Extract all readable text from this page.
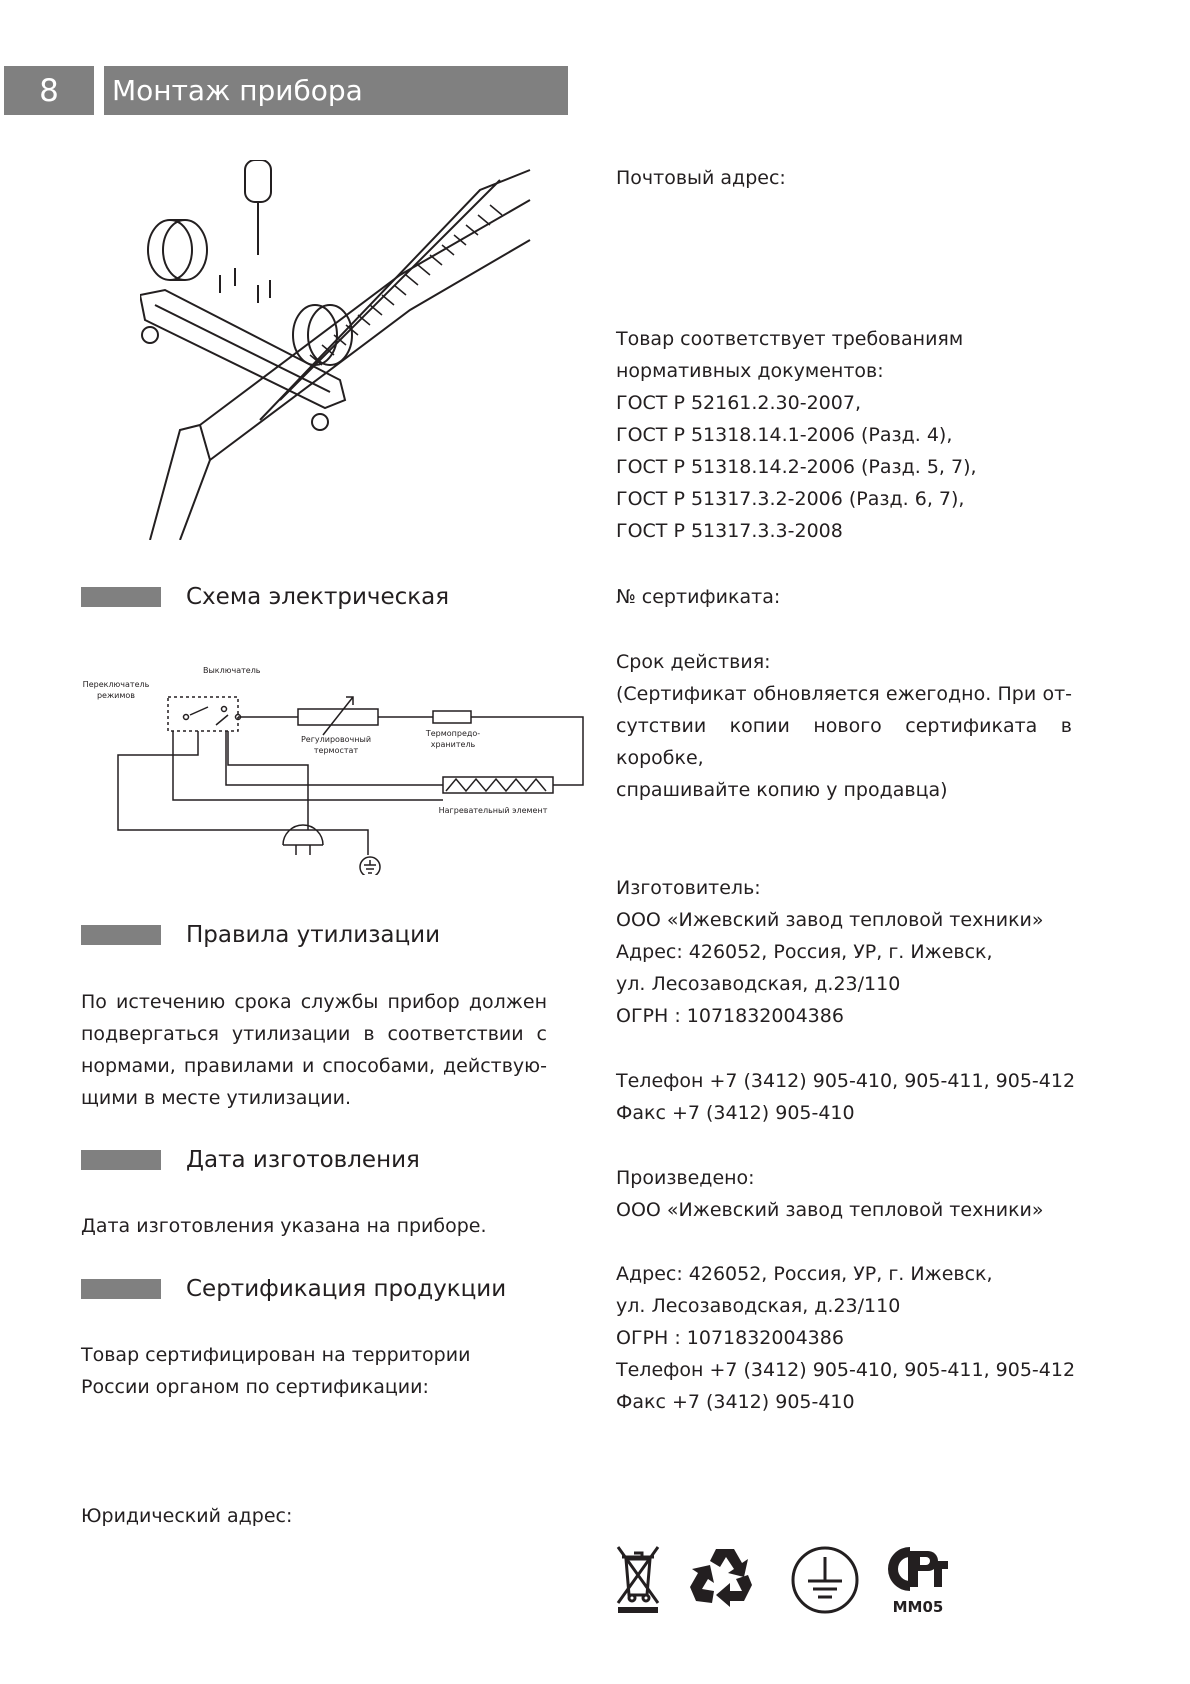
8	Монтаж прибора
Схема электрическая
Выключатель
Переключатель
режимов
Регулировочный
термостат
Термопредо-
хранитель
Нагревательный элемент
Правила утилизации
По истечению срока службы прибор должен
подвергаться утилизации в соответствии с
нормами, правилами и способами, действую-
щими в месте утилизации.
Дата изготовления
Дата изготовления указана на приборе.
Сертификация продукции
Товар сертифицирован на территории
России органом по сертификации:
Юридический адрес:
Почтовый адрес:
Товар соответствует требованиям
нормативных документов:
ГОСТ Р 52161.2.30-2007,
ГОСТ Р 51318.14.1-2006 (Разд. 4),
ГОСТ Р 51318.14.2-2006 (Разд. 5, 7),
ГОСТ Р 51317.3.2-2006 (Разд. 6, 7),
ГОСТ Р 51317.3.3-2008
№ сертификата:
Срок действия:
(Сертификат обновляется ежегодно. При от-
сутствии копии нового сертификата в коробке,
спрашивайте копию у продавца)
Изготовитель:
ООО «Ижевский завод тепловой техники»
Адрес: 426052, Россия, УР, г. Ижевск,
ул. Лесозаводская, д.23/110
ОГРН : 1071832004386
Телефон +7 (3412) 905-410, 905-411, 905-412
Факс +7 (3412) 905-410
Произведено:
ООО «Ижевский завод тепловой техники»
Адрес: 426052, Россия, УР, г. Ижевск,
ул. Лесозаводская, д.23/110
ОГРН : 1071832004386
Телефон +7 (3412) 905-410, 905-411, 905-412
Факс +7 (3412) 905-410
ММ05
